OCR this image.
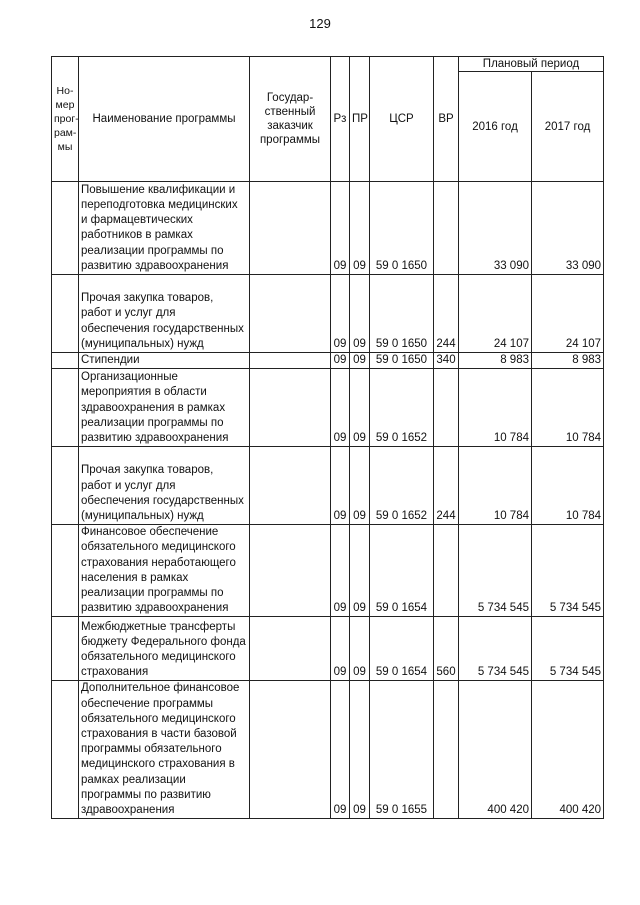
129
Но-мер прог-рам-мы	Наименование программы	Государ-ственный заказчик программы	Рз	ПР	ЦСР	ВР	Плановый период	
							2016 год	2017 год
	Повышение квалификации и переподготовка медицинских и фармацевтических работников в рамках реализации программы по развитию здравоохранения		09	09	59 0 1650		33 090	33 090
	Прочая закупка товаров, работ и услуг для обеспечения государственных (муниципальных) нужд		09	09	59 0 1650	244	24 107	24 107
	Стипендии		09	09	59 0 1650	340	8 983	8 983
	Организационные мероприятия в области здравоохранения в рамках реализации программы по развитию здравоохранения		09	09	59 0 1652		10 784	10 784
	Прочая закупка товаров, работ и услуг для обеспечения государственных (муниципальных) нужд		09	09	59 0 1652	244	10 784	10 784
	Финансовое обеспечение обязательного медицинского страхования неработающего населения в рамках реализации программы по развитию здравоохранения		09	09	59 0 1654		5 734 545	5 734 545
	Межбюджетные трансферты бюджету Федерального фонда обязательного медицинского страхования		09	09	59 0 1654	560	5 734 545	5 734 545
	Дополнительное финансовое обеспечение программы обязательного медицинского страхования в части базовой программы обязательного медицинского страхования в рамках реализации программы по развитию здравоохранения		09	09	59 0 1655		400 420	400 420
